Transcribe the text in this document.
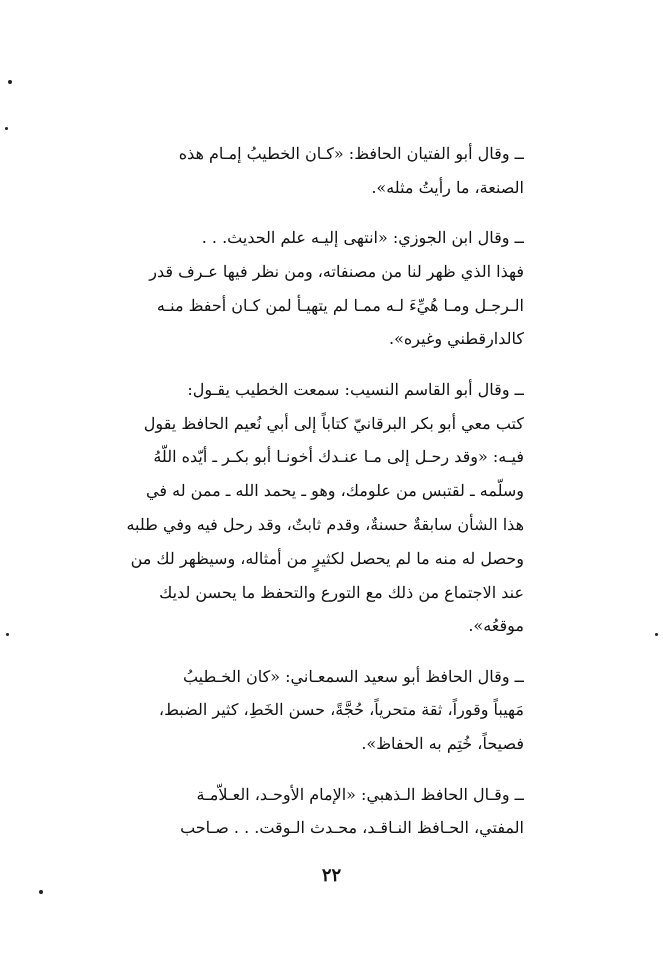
ــ وقال أبو الفتيان الحافظ: «كـان الخطيبُ إمـام هذه
الصنعة، ما رأيتُ مثله».
ــ وقال ابن الجوزي: «انتهى إليـه علم الحديث. . .
فهذا الذي ظهر لنا من مصنفاته، ومن نظر فيها عـرف قدر
الـرجـل ومـا هُيِّءَ لـه ممـا لم يتهيـأ لمن كـان أحفظ منـه
كالدارقطني وغيره».
ــ وقال أبو القاسم النسيب: سمعت الخطيب يقـول:
كتب معي أبو بكر البرقانيّ كتاباً إلى أبي نُعيم الحافظ يقول
فيـه: «وقد رحـل إلى مـا عنـدك أخونـا أبو بكـر ـ أيّده اللّهُ
وسلّمه ـ لقتبس من علومك، وهو ـ يحمد الله ـ ممن له في
هذا الشأن سابقةٌ حسنةٌ، وقدم ثابتٌ، وقد رحل فيه وفي طلبه
وحصل له منه ما لم يحصل لكثيرٍ من أمثاله، وسيظهر لك من
عند الاجتماع من ذلك مع التورع والتحفظ ما يحسن لديك
موقعُه».
ــ وقال الحافظ أبو سعيد السمعـاني: «كان الخـطيبُ
مَهيباً وقوراً، ثقة متحرياً، حُجَّةً، حسن الخَطِ، كثير الضبط،
فصيحاً، خُتِم به الحفاظ».
ــ وقـال الحافظ الـذهبي: «الإمام الأوحـد، العـلاّمـة
المفتي، الحـافظ النـاقـد، محـدث الـوقت. . . صـاحب
٢٢
